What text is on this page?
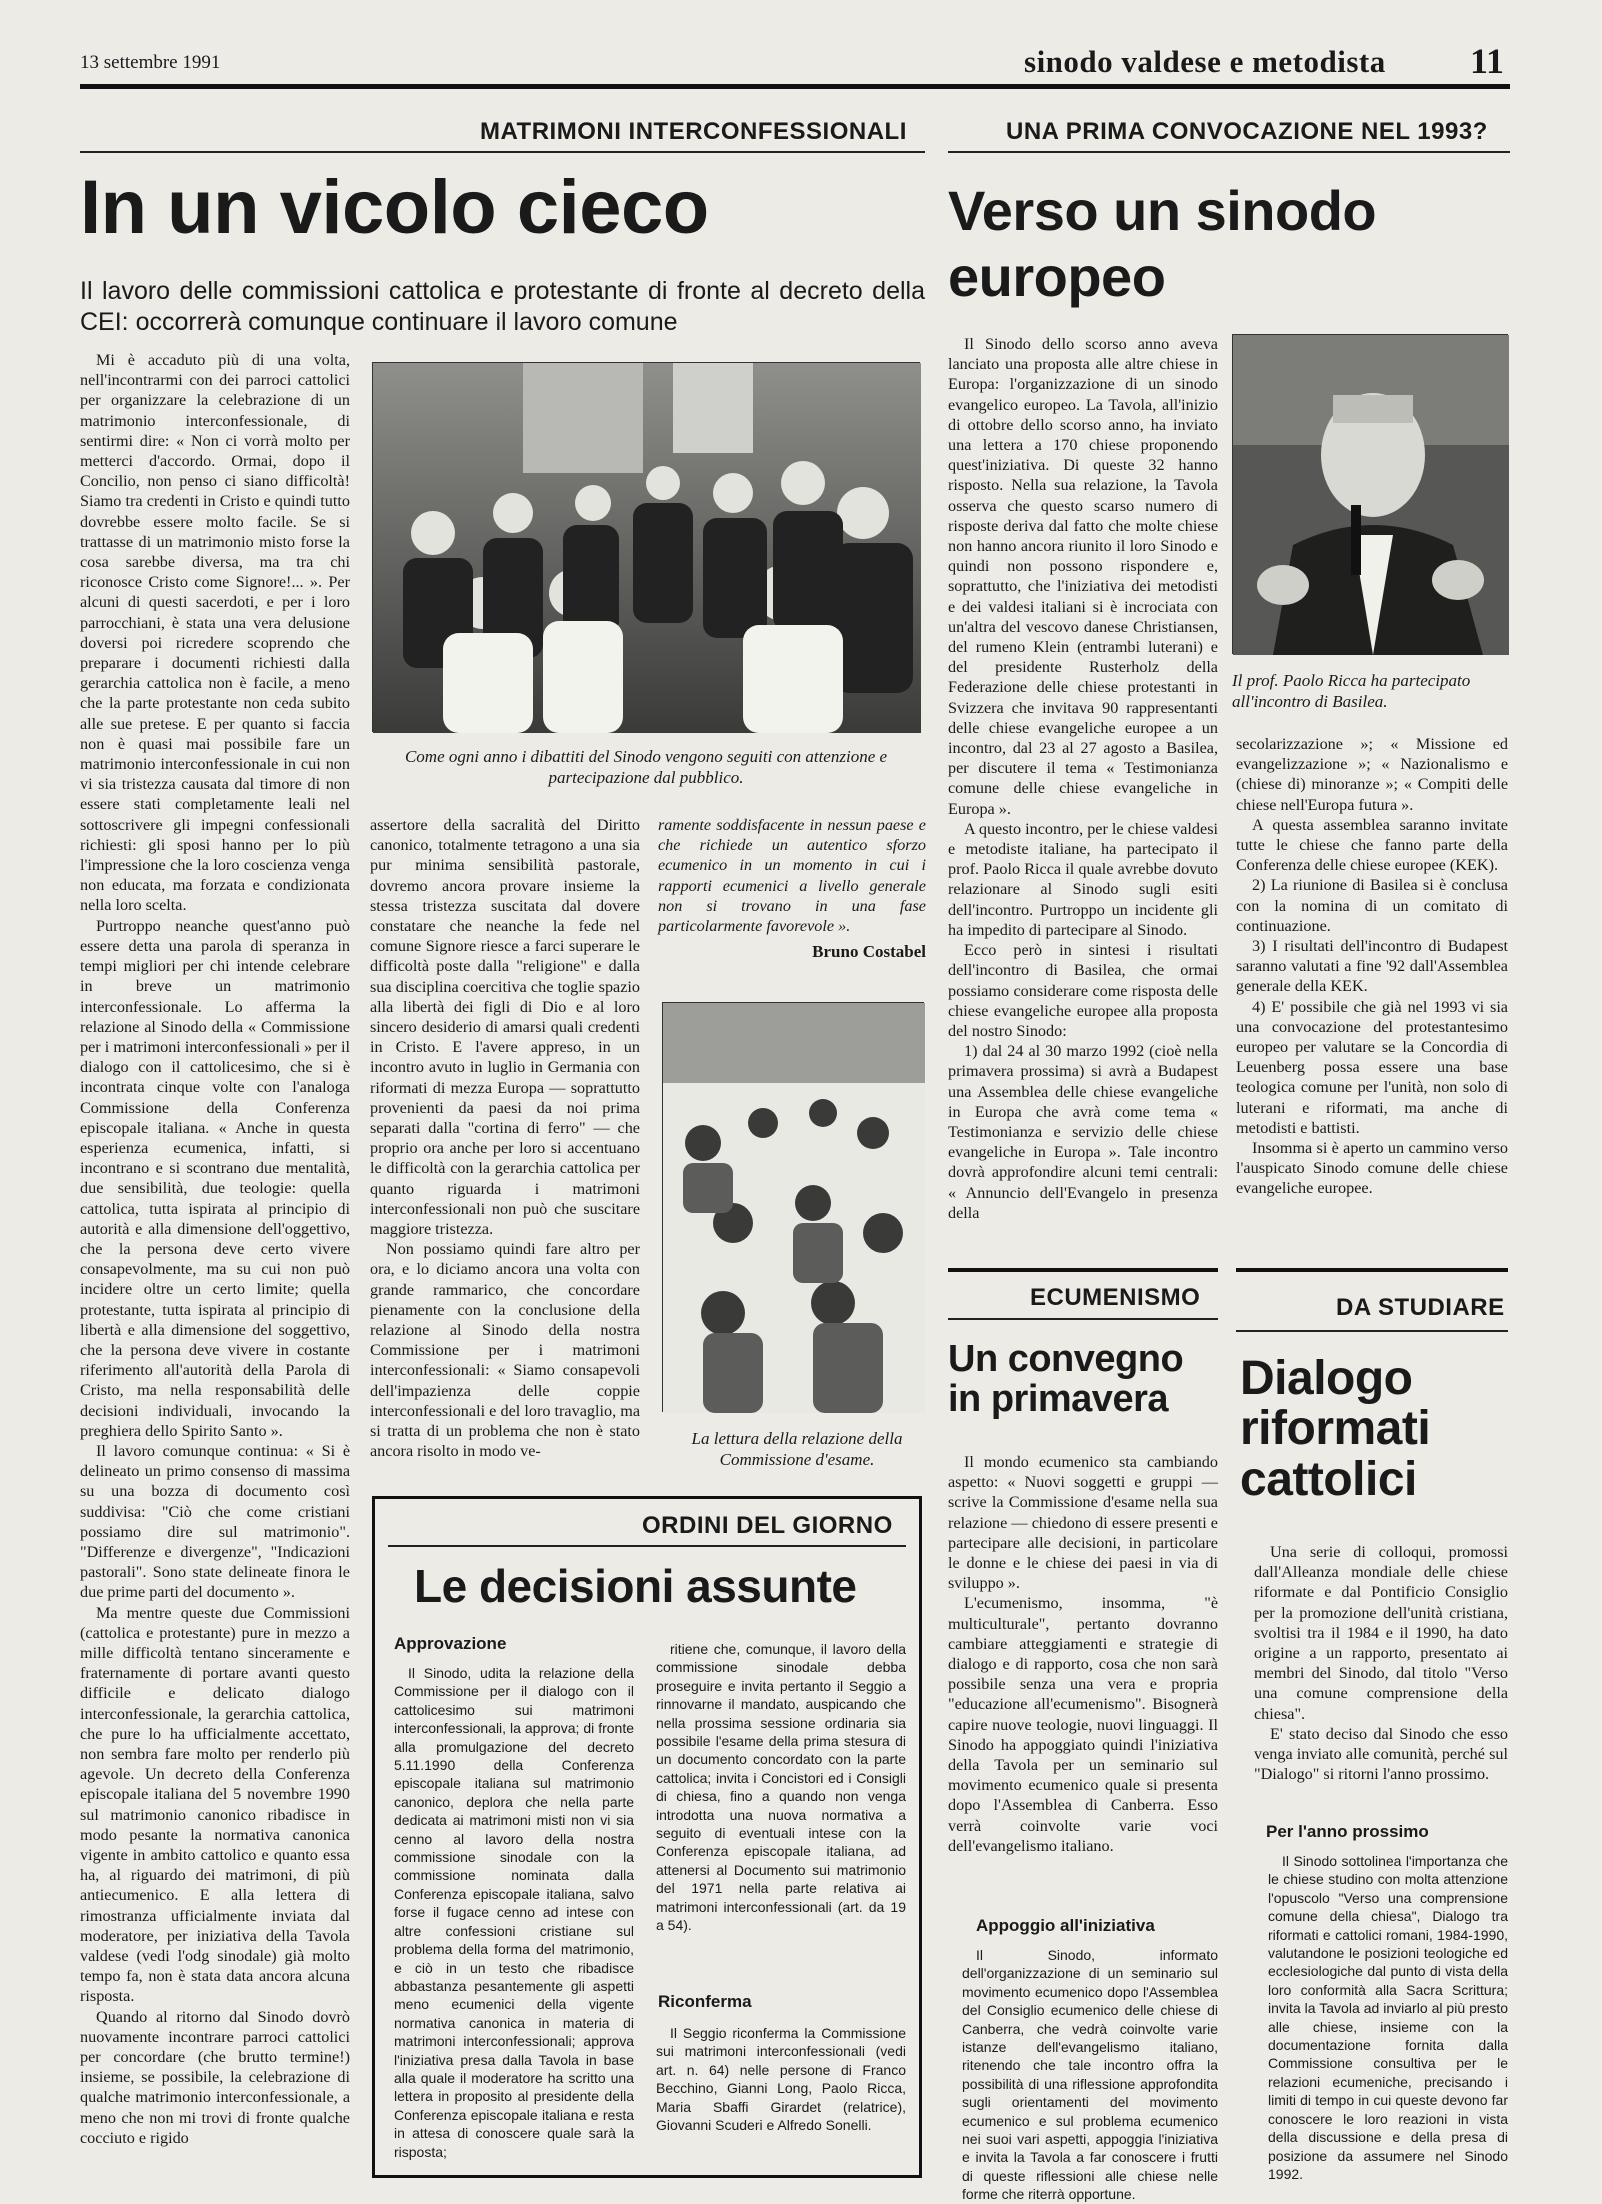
13 settembre 1991	sinodo valdese e metodista 11
MATRIMONI INTERCONFESSIONALI
In un vicolo cieco
Il lavoro delle commissioni cattolica e protestante di fronte al decreto della CEI: occorrerà comunque continuare il lavoro comune

Mi è accaduto più di una volta, nell'incontrarmi con dei parroci cattolici per organizzare la celebrazione di un matrimonio interconfessionale, di sentirmi dire: « Non ci vorrà molto per metterci d'accordo. Ormai, dopo il Concilio, non penso ci siano difficoltà! Siamo tra credenti in Cristo e quindi tutto dovrebbe essere molto facile. Se si trattasse di un matrimonio misto forse la cosa sarebbe diversa, ma tra chi riconosce Cristo come Signore!... ». Per alcuni di questi sacerdoti, e per i loro parrocchiani, è stata una vera delusione doversi poi ricredere scoprendo che preparare i documenti richiesti dalla gerarchia cattolica non è facile, a meno che la parte protestante non ceda subito alle sue pretese. E per quanto si faccia non è quasi mai possibile fare un matrimonio interconfessionale in cui non vi sia tristezza causata dal timore di non essere stati completamente leali nel sottoscrivere gli impegni confessionali richiesti: gli sposi hanno per lo più l'impressione che la loro coscienza venga non educata, ma forzata e condizionata nella loro scelta.

Purtroppo neanche quest'anno può essere detta una parola di speranza in tempi migliori per chi intende celebrare in breve un matrimonio interconfessionale. Lo afferma la relazione al Sinodo della « Commissione per i matrimoni interconfessionali » per il dialogo con il cattolicesimo, che si è incontrata cinque volte con l'analoga Commissione della Conferenza episcopale italiana. « Anche in questa esperienza ecumenica, infatti, si incontrano e si scontrano due mentalità, due sensibilità, due teologie: quella cattolica, tutta ispirata al principio di autorità e alla dimensione dell'oggettivo, che la persona deve certo vivere consapevolmente, ma su cui non può incidere oltre un certo limite; quella protestante, tutta ispirata al principio di libertà e alla dimensione del soggettivo, che la persona deve vivere in costante riferimento all'autorità della Parola di Cristo, ma nella responsabilità delle decisioni individuali, invocando la preghiera dello Spirito Santo ».

Il lavoro comunque continua: « Si è delineato un primo consenso di massima su una bozza di documento così suddivisa: "Ciò che come cristiani possiamo dire sul matrimonio". "Differenze e divergenze", "Indicazioni pastorali". Sono state delineate finora le due prime parti del documento ».

Ma mentre queste due Commissioni (cattolica e protestante) pure in mezzo a mille difficoltà tentano sinceramente e fraternamente di portare avanti questo difficile e delicato dialogo interconfessionale, la gerarchia cattolica, che pure lo ha ufficialmente accettato, non sembra fare molto per renderlo più agevole. Un decreto della Conferenza episcopale italiana del 5 novembre 1990 sul matrimonio canonico ribadisce in modo pesante la normativa canonica vigente in ambito cattolico e quanto essa ha, al riguardo dei matrimoni, di più antiecumenico. E alla lettera di rimostranza ufficialmente inviata dal moderatore, per iniziativa della Tavola valdese (vedi l'odg sinodale) già molto tempo fa, non è stata data ancora alcuna risposta.

Quando al ritorno dal Sinodo dovrò nuovamente incontrare parroci cattolici per concordare (che brutto termine!) insieme, se possibile, la celebrazione di qualche matrimonio interconfessionale, a meno che non mi trovi di fronte qualche cocciuto e rigido

Come ogni anno i dibattiti del Sinodo vengono seguiti con attenzione e partecipazione dal pubblico.

assertore della sacralità del Diritto canonico, totalmente tetragono a una sia pur minima sensibilità pastorale, dovremo ancora provare insieme la stessa tristezza suscitata dal dovere constatare che neanche la fede nel comune Signore riesce a farci superare le difficoltà poste dalla "religione" e dalla sua disciplina coercitiva che toglie spazio alla libertà dei figli di Dio e al loro sincero desiderio di amarsi quali credenti in Cristo. E l'avere appreso, in un incontro avuto in luglio in Germania con riformati di mezza Europa — soprattutto provenienti da paesi da noi prima separati dalla "cortina di ferro" — che proprio ora anche per loro si accentuano le difficoltà con la gerarchia cattolica per quanto riguarda i matrimoni interconfessionali non può che suscitare maggiore tristezza.

Non possiamo quindi fare altro per ora, e lo diciamo ancora una volta con grande rammarico, che concordare pienamente con la conclusione della relazione al Sinodo della nostra Commissione per i matrimoni interconfessionali: « Siamo consapevoli dell'impazienza delle coppie interconfessionali e del loro travaglio, ma si tratta di un problema che non è stato ancora risolto in modo ve-

ramente soddisfacente in nessun paese e che richiede un autentico sforzo ecumenico in un momento in cui i rapporti ecumenici a livello generale non si trovano in una fase particolarmente favorevole ».

Bruno Costabel
La lettura della relazione della Commissione d'esame.
ORDINI DEL GIORNO
Le decisioni assunte
Approvazione

Il Sinodo, udita la relazione della Commissione per il dialogo con il cattolicesimo sui matrimoni interconfessionali, la approva; di fronte alla promulgazione del decreto 5.11.1990 della Conferenza episcopale italiana sul matrimonio canonico, deplora che nella parte dedicata ai matrimoni misti non vi sia cenno al lavoro della nostra commissione sinodale con la commissione nominata dalla Conferenza episcopale italiana, salvo forse il fugace cenno ad intese con altre confessioni cristiane sul problema della forma del matrimonio, e ciò in un testo che ribadisce abbastanza pesantemente gli aspetti meno ecumenici della vigente normativa canonica in materia di matrimoni interconfessionali; approva l'iniziativa presa dalla Tavola in base alla quale il moderatore ha scritto una lettera in proposito al presidente della Conferenza episcopale italiana e resta in attesa di conoscere quale sarà la risposta;

ritiene che, comunque, il lavoro della commissione sinodale debba proseguire e invita pertanto il Seggio a rinnovarne il mandato, auspicando che nella prossima sessione ordinaria sia possibile l'esame della prima stesura di un documento concordato con la parte cattolica; invita i Concistori ed i Consigli di chiesa, fino a quando non venga introdotta una nuova normativa a seguito di eventuali intese con la Conferenza episcopale italiana, ad attenersi al Documento sui matrimonio del 1971 nella parte relativa ai matrimoni interconfessionali (art. da 19 a 54).

Riconferma

Il Seggio riconferma la Commissione sui matrimoni interconfessionali (vedi art. n. 64) nelle persone di Franco Becchino, Gianni Long, Paolo Ricca, Maria Sbaffi Girardet (relatrice), Giovanni Scuderi e Alfredo Sonelli.

UNA PRIMA CONVOCAZIONE NEL 1993?
Verso un sinodo
europeo

Il Sinodo dello scorso anno aveva lanciato una proposta alle altre chiese in Europa: l'organizzazione di un sinodo evangelico europeo. La Tavola, all'inizio di ottobre dello scorso anno, ha inviato una lettera a 170 chiese proponendo quest'iniziativa. Di queste 32 hanno risposto. Nella sua relazione, la Tavola osserva che questo scarso numero di risposte deriva dal fatto che molte chiese non hanno ancora riunito il loro Sinodo e quindi non possono rispondere e, soprattutto, che l'iniziativa dei metodisti e dei valdesi italiani si è incrociata con un'altra del vescovo danese Christiansen, del rumeno Klein (entrambi luterani) e del presidente Rusterholz della Federazione delle chiese protestanti in Svizzera che invitava 90 rappresentanti delle chiese evangeliche europee a un incontro, dal 23 al 27 agosto a Basilea, per discutere il tema « Testimonianza comune delle chiese evangeliche in Europa ».

A questo incontro, per le chiese valdesi e metodiste italiane, ha partecipato il prof. Paolo Ricca il quale avrebbe dovuto relazionare al Sinodo sugli esiti dell'incontro. Purtroppo un incidente gli ha impedito di partecipare al Sinodo.

Ecco però in sintesi i risultati dell'incontro di Basilea, che ormai possiamo considerare come risposta delle chiese evangeliche europee alla proposta del nostro Sinodo:

1) dal 24 al 30 marzo 1992 (cioè nella primavera prossima) si avrà a Budapest una Assemblea delle chiese evangeliche in Europa che avrà come tema « Testimonianza e servizio delle chiese evangeliche in Europa ». Tale incontro dovrà approfondire alcuni temi centrali: « Annuncio dell'Evangelo in presenza della

Il prof. Paolo Ricca ha partecipato all'incontro di Basilea.

secolarizzazione »; « Missione ed evangelizzazione »; « Nazionalismo e (chiese di) minoranze »; « Compiti delle chiese nell'Europa futura ».

A questa assemblea saranno invitate tutte le chiese che fanno parte della Conferenza delle chiese europee (KEK).

2) La riunione di Basilea si è conclusa con la nomina di un comitato di continuazione.

3) I risultati dell'incontro di Budapest saranno valutati a fine '92 dall'Assemblea generale della KEK.

4) E' possibile che già nel 1993 vi sia una convocazione del protestantesimo europeo per valutare se la Concordia di Leuenberg possa essere una base teologica comune per l'unità, non solo di luterani e riformati, ma anche di metodisti e battisti.

Insomma si è aperto un cammino verso l'auspicato Sinodo comune delle chiese evangeliche europee.

ECUMENISMO
Un convegno in primavera

Il mondo ecumenico sta cambiando aspetto: « Nuovi soggetti e gruppi — scrive la Commissione d'esame nella sua relazione — chiedono di essere presenti e partecipare alle decisioni, in particolare le donne e le chiese dei paesi in via di sviluppo ».

L'ecumenismo, insomma, "è multiculturale", pertanto dovranno cambiare atteggiamenti e strategie di dialogo e di rapporto, cosa che non sarà possibile senza una vera e propria "educazione all'ecumenismo". Bisognerà capire nuove teologie, nuovi linguaggi. Il Sinodo ha appoggiato quindi l'iniziativa della Tavola per un seminario sul movimento ecumenico quale si presenta dopo l'Assemblea di Canberra. Esso verrà coinvolte varie voci dell'evangelismo italiano.

Appoggio all'iniziativa

Il Sinodo, informato dell'organizzazione di un seminario sul movimento ecumenico dopo l'Assemblea del Consiglio ecumenico delle chiese di Canberra, che vedrà coinvolte varie istanze dell'evangelismo italiano, ritenendo che tale incontro offra la possibilità di una riflessione approfondita sugli orientamenti del movimento ecumenico e sul problema ecumenico nei suoi vari aspetti, appoggia l'iniziativa e invita la Tavola a far conoscere i frutti di queste riflessioni alle chiese nelle forme che riterrà opportune.

DA STUDIARE
Dialogo riformati cattolici

Una serie di colloqui, promossi dall'Alleanza mondiale delle chiese riformate e dal Pontificio Consiglio per la promozione dell'unità cristiana, svoltisi tra il 1984 e il 1990, ha dato origine a un rapporto, presentato ai membri del Sinodo, dal titolo "Verso una comune comprensione della chiesa".

E' stato deciso dal Sinodo che esso venga inviato alle comunità, perché sul "Dialogo" si ritorni l'anno prossimo.

Per l'anno prossimo

Il Sinodo sottolinea l'importanza che le chiese studino con molta attenzione l'opuscolo "Verso una comprensione comune della chiesa", Dialogo tra riformati e cattolici romani, 1984-1990, valutandone le posizioni teologiche ed ecclesiologiche dal punto di vista della loro conformità alla Sacra Scrittura; invita la Tavola ad inviarlo al più presto alle chiese, insieme con la documentazione fornita dalla Commissione consultiva per le relazioni ecumeniche, precisando i limiti di tempo in cui queste devono far conoscere le loro reazioni in vista della discussione e della presa di posizione da assumere nel Sinodo 1992.
